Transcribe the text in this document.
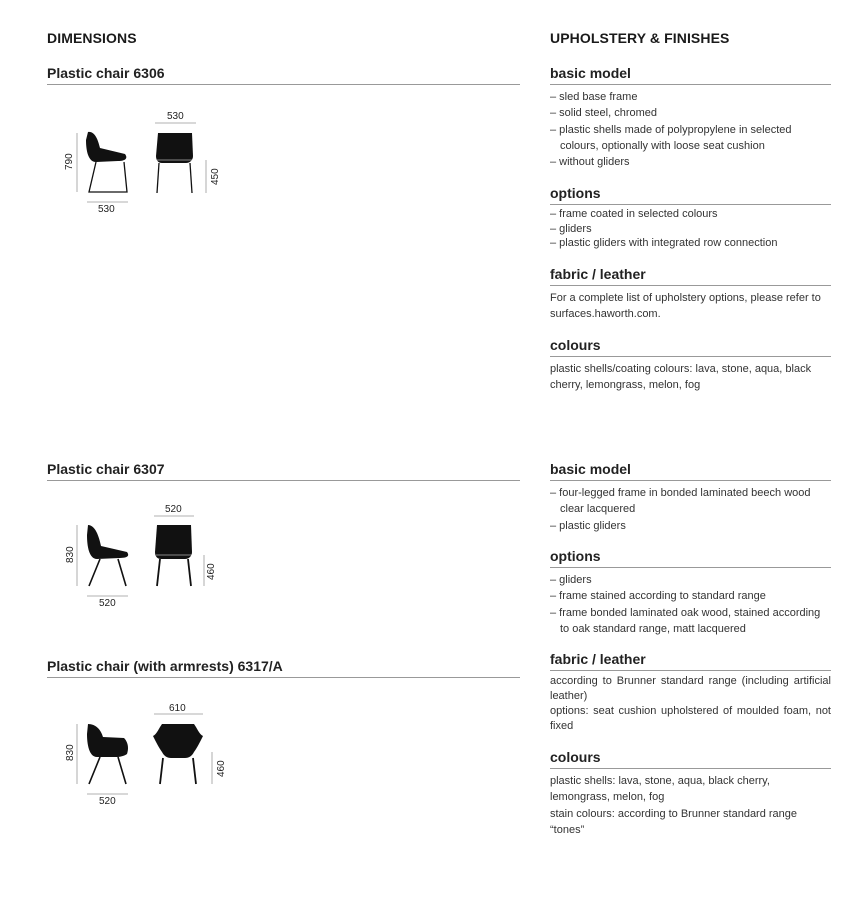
DIMENSIONS
Plastic chair 6306
790
530
530
450
Plastic chair 6307
830
520
520
460
Plastic chair (with armrests) 6317/A
830
520
610
460
UPHOLSTERY & FINISHES
basic model
– sled base frame
– solid steel, chromed
– plastic shells made of polypropylene in selected colours, optionally with loose seat cushion
– without gliders
options
– frame coated in selected colours
– gliders
– plastic gliders with integrated row connection
fabric / leather
For a complete list of upholstery options, please refer to surfaces.haworth.com.
colours
plastic shells/coating colours: lava, stone, aqua, black cherry, lemongrass, melon, fog
basic model
– four-legged frame in bonded laminated beech wood clear lacquered
– plastic gliders
options
– gliders
– frame stained according to standard range
– frame bonded laminated oak wood, stained according to oak standard range, matt lacquered
fabric / leather
according to Brunner standard range (including artificial leather)
options: seat cushion upholstered of moulded foam, not fixed
colours
plastic shells: lava, stone, aqua, black cherry, lemongrass, melon, fog
stain colours: according to Brunner standard range “tones”
